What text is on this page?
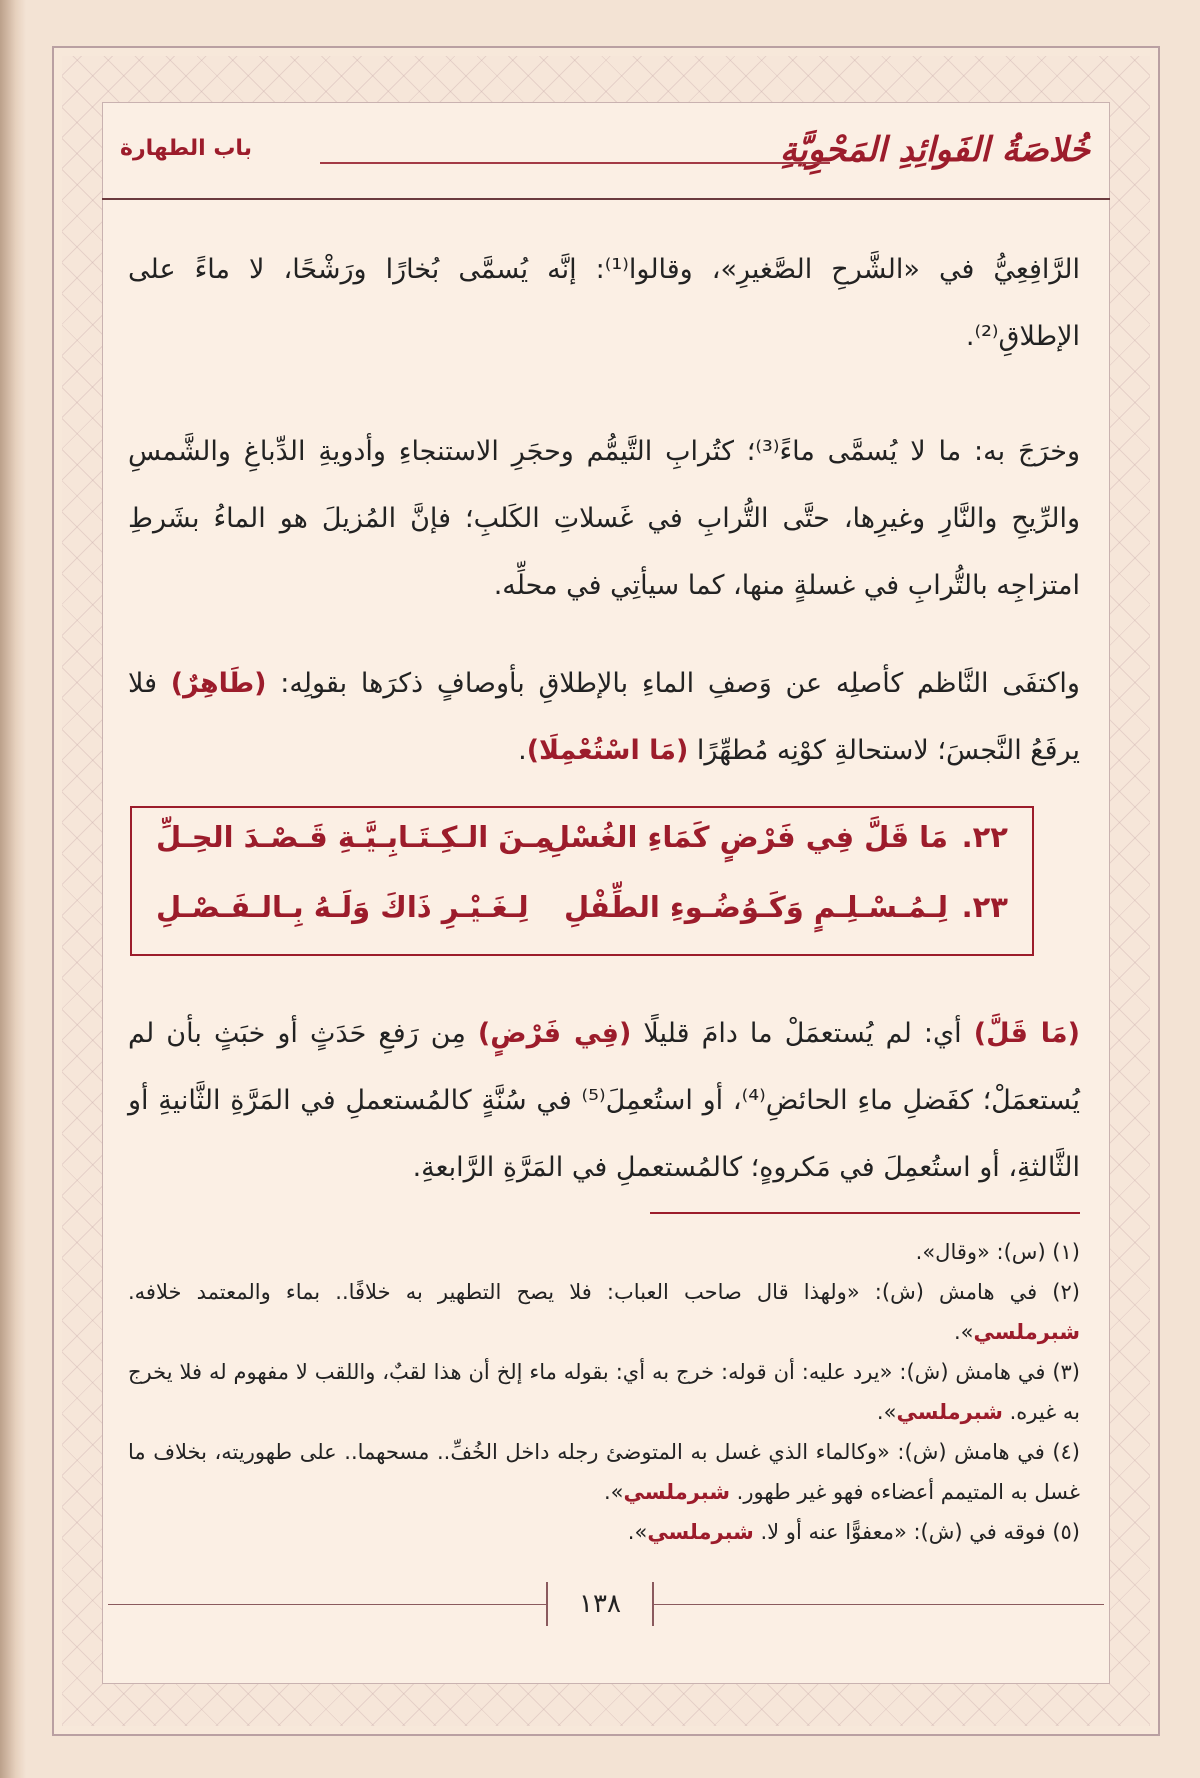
خُلاصَةُ الفَوائِدِ المَحْوِيَّةِ
باب الطهارة
الرَّافِعِيُّ في «الشَّرحِ الصَّغيرِ»، وقالوا⁽¹⁾: إنَّه يُسمَّى بُخارًا ورَشْحًا، لا ماءً على الإطلاقِ⁽²⁾.
وخرَجَ به: ما لا يُسمَّى ماءً⁽³⁾؛ كتُرابِ التَّيمُّم وحجَرِ الاستنجاءِ وأدويةِ الدِّباغِ والشَّمسِ والرِّيحِ والنَّارِ وغيرِها، حتَّى التُّرابِ في غَسلاتِ الكَلبِ؛ فإنَّ المُزيلَ هو الماءُ بشَرطِ امتزاجِه بالتُّرابِ في غسلةٍ منها، كما سيأتِي في محلِّه.
واكتفَى النَّاظم كأصلِه عن وَصفِ الماءِ بالإطلاقِ بأوصافٍ ذكرَها بقولِه: (طَاهِرٌ) فلا يرفَعُ النَّجسَ؛ لاستحالةِ كوْنِه مُطهِّرًا (مَا اسْتُعْمِلَا).
٢٢.
مَا قَلَّ فِي فَرْضٍ كَمَاءِ الغُسْلِ
مِـنَ الـكِـتَـابِـيَّـةِ قَـصْـدَ الحِـلِّ
٢٣.
لِـمُـسْـلِـمٍ وَكَـوُضُـوءِ الطِّفْلِ
لِـغَـيْـرِ ذَاكَ وَلَـهُ بِـالـفَـصْـلِ
(مَا قَلَّ) أي: لم يُستعمَلْ ما دامَ قليلًا (فِي فَرْضٍ) مِن رَفعِ حَدَثٍ أو خبَثٍ بأن لم يُستعمَلْ؛ كفَضلِ ماءِ الحائضِ⁽⁴⁾، أو استُعمِلَ⁽⁵⁾ في سُنَّةٍ كالمُستعملِ في المَرَّةِ الثَّانيةِ أو الثَّالثةِ، أو استُعمِلَ في مَكروهٍ؛ كالمُستعملِ في المَرَّةِ الرَّابعةِ.
(١) (س): «وقال».
(٢) في هامش (ش): «ولهذا قال صاحب العباب: فلا يصح التطهير به خلافًا.. بماء والمعتمد خلافه. شبرملسي».
(٣) في هامش (ش): «يرد عليه: أن قوله: خرج به أي: بقوله ماء إلخ أن هذا لقبٌ، واللقب لا مفهوم له فلا يخرج به غيره. شبرملسي».
(٤) في هامش (ش): «وكالماء الذي غسل به المتوضئ رجله داخل الخُفِّ.. مسحهما.. على طهوريته، بخلاف ما غسل به المتيمم أعضاءه فهو غير طهور. شبرملسي».
(٥) فوقه في (ش): «معفوًّا عنه أو لا. شبرملسي».
١٣٨
